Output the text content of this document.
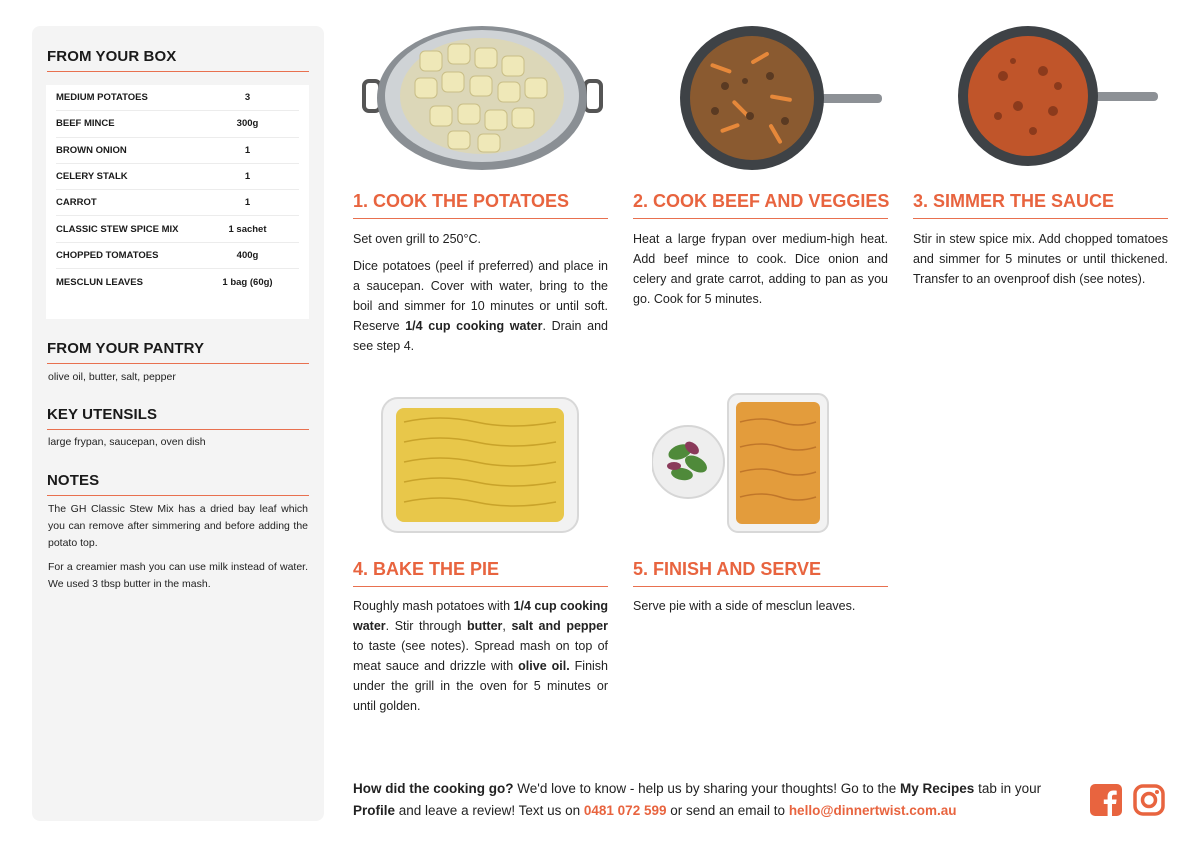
FROM YOUR BOX
MEDIUM POTATOES	3
BEEF MINCE	300g
BROWN ONION	1
CELERY STALK	1
CARROT	1
CLASSIC STEW SPICE MIX	1 sachet
CHOPPED TOMATOES	400g
MESCLUN LEAVES	1 bag (60g)
FROM YOUR PANTRY
olive oil, butter, salt, pepper
KEY UTENSILS
large frypan, saucepan, oven dish
NOTES
The GH Classic Stew Mix has a dried bay leaf which you can remove after simmering and before adding the potato top.
For a creamier mash you can use milk instead of water. We used 3 tbsp butter in the mash.
1. COOK THE POTATOES

Set oven grill to 250°C.

Dice potatoes (peel if preferred) and place in a saucepan. Cover with water, bring to the boil and simmer for 10 minutes or until soft. Reserve 1/4 cup cooking water. Drain and see step 4.

2. COOK BEEF AND VEGGIES

Heat a large frypan over medium-high heat. Add beef mince to cook. Dice onion and celery and grate carrot, adding to pan as you go. Cook for 5 minutes.

3. SIMMER THE SAUCE

Stir in stew spice mix. Add chopped tomatoes and simmer for 5 minutes or until thickened. Transfer to an ovenproof dish (see notes).

4. BAKE THE PIE

Roughly mash potatoes with 1/4 cup cooking water. Stir through butter, salt and pepper to taste (see notes). Spread mash on top of meat sauce and drizzle with olive oil. Finish under the grill in the oven for 5 minutes or until golden.

5. FINISH AND SERVE

Serve pie with a side of mesclun leaves.

How did the cooking go? We'd love to know - help us by sharing your thoughts! Go to the My Recipes tab in your Profile and leave a review! Text us on 0481 072 599 or send an email to hello@dinnertwist.com.au
